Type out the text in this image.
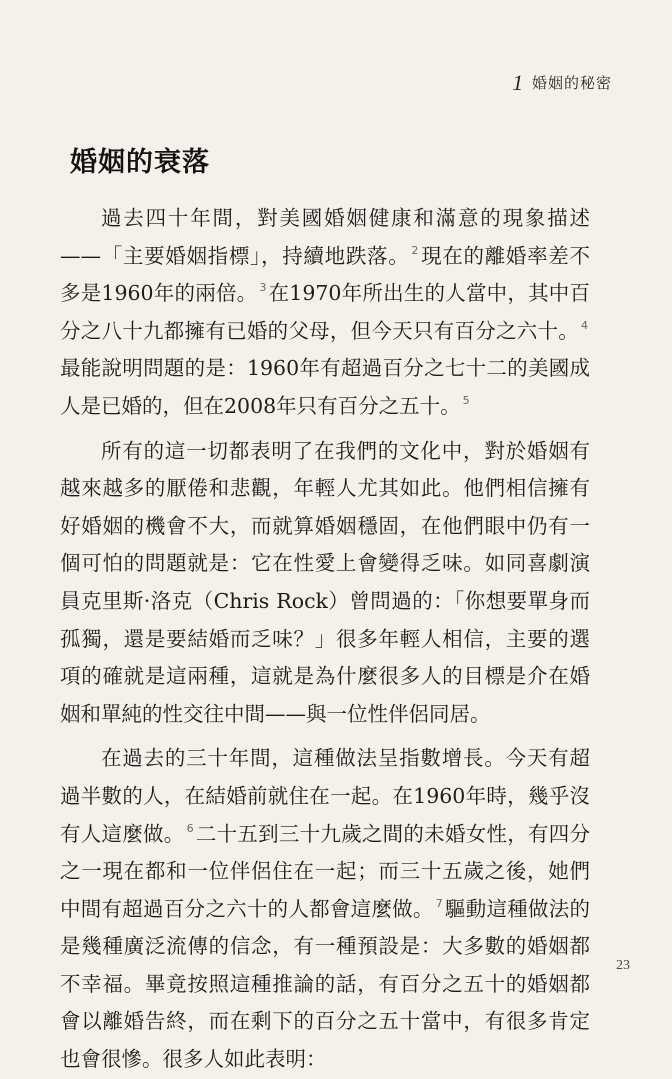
1 婚姻的秘密
婚姻的衰落

過去四十年間，對美國婚姻健康和滿意的現象描述——「主要婚姻指標」，持續地跌落。 $^2$現在的離婚率差不多是1960年的兩倍。 $^3$在1970年所出生的人當中，其中百分之八十九都擁有已婚的父母，但今天只有百分之六十。 $^4$最能說明問題的是：1960年有超過百分之七十二的美國成人是已婚的，但在2008年只有百分之五十。 $^5$

所有的這一切都表明了在我們的文化中，對於婚姻有越來越多的厭倦和悲觀，年輕人尤其如此。他們相信擁有好婚姻的機會不大，而就算婚姻穩固，在他們眼中仍有一個可怕的問題就是：它在性愛上會變得乏味。如同喜劇演員克里斯·洛克（Chris Rock）曾問過的：「你想要單身而孤獨，還是要結婚而乏味？」很多年輕人相信，主要的選項的確就是這兩種，這就是為什麼很多人的目標是介在婚姻和單純的性交往中間——與一位性伴侶同居。

在過去的三十年間，這種做法呈指數增長。今天有超過半數的人，在結婚前就住在一起。在1960年時，幾乎沒有人這麼做。 $^6$二十五到三十九歲之間的未婚女性，有四分之一現在都和一位伴侶住在一起；而三十五歲之後，她們中間有超過百分之六十的人都會這麼做。 $^7$驅動這種做法的是幾種廣泛流傳的信念，有一種預設是：大多數的婚姻都不幸福。畢竟按照這種推論的話，有百分之五十的婚姻都會以離婚告終，而在剩下的百分之五十當中，有很多肯定也會很慘。很多人如此表明：

23
